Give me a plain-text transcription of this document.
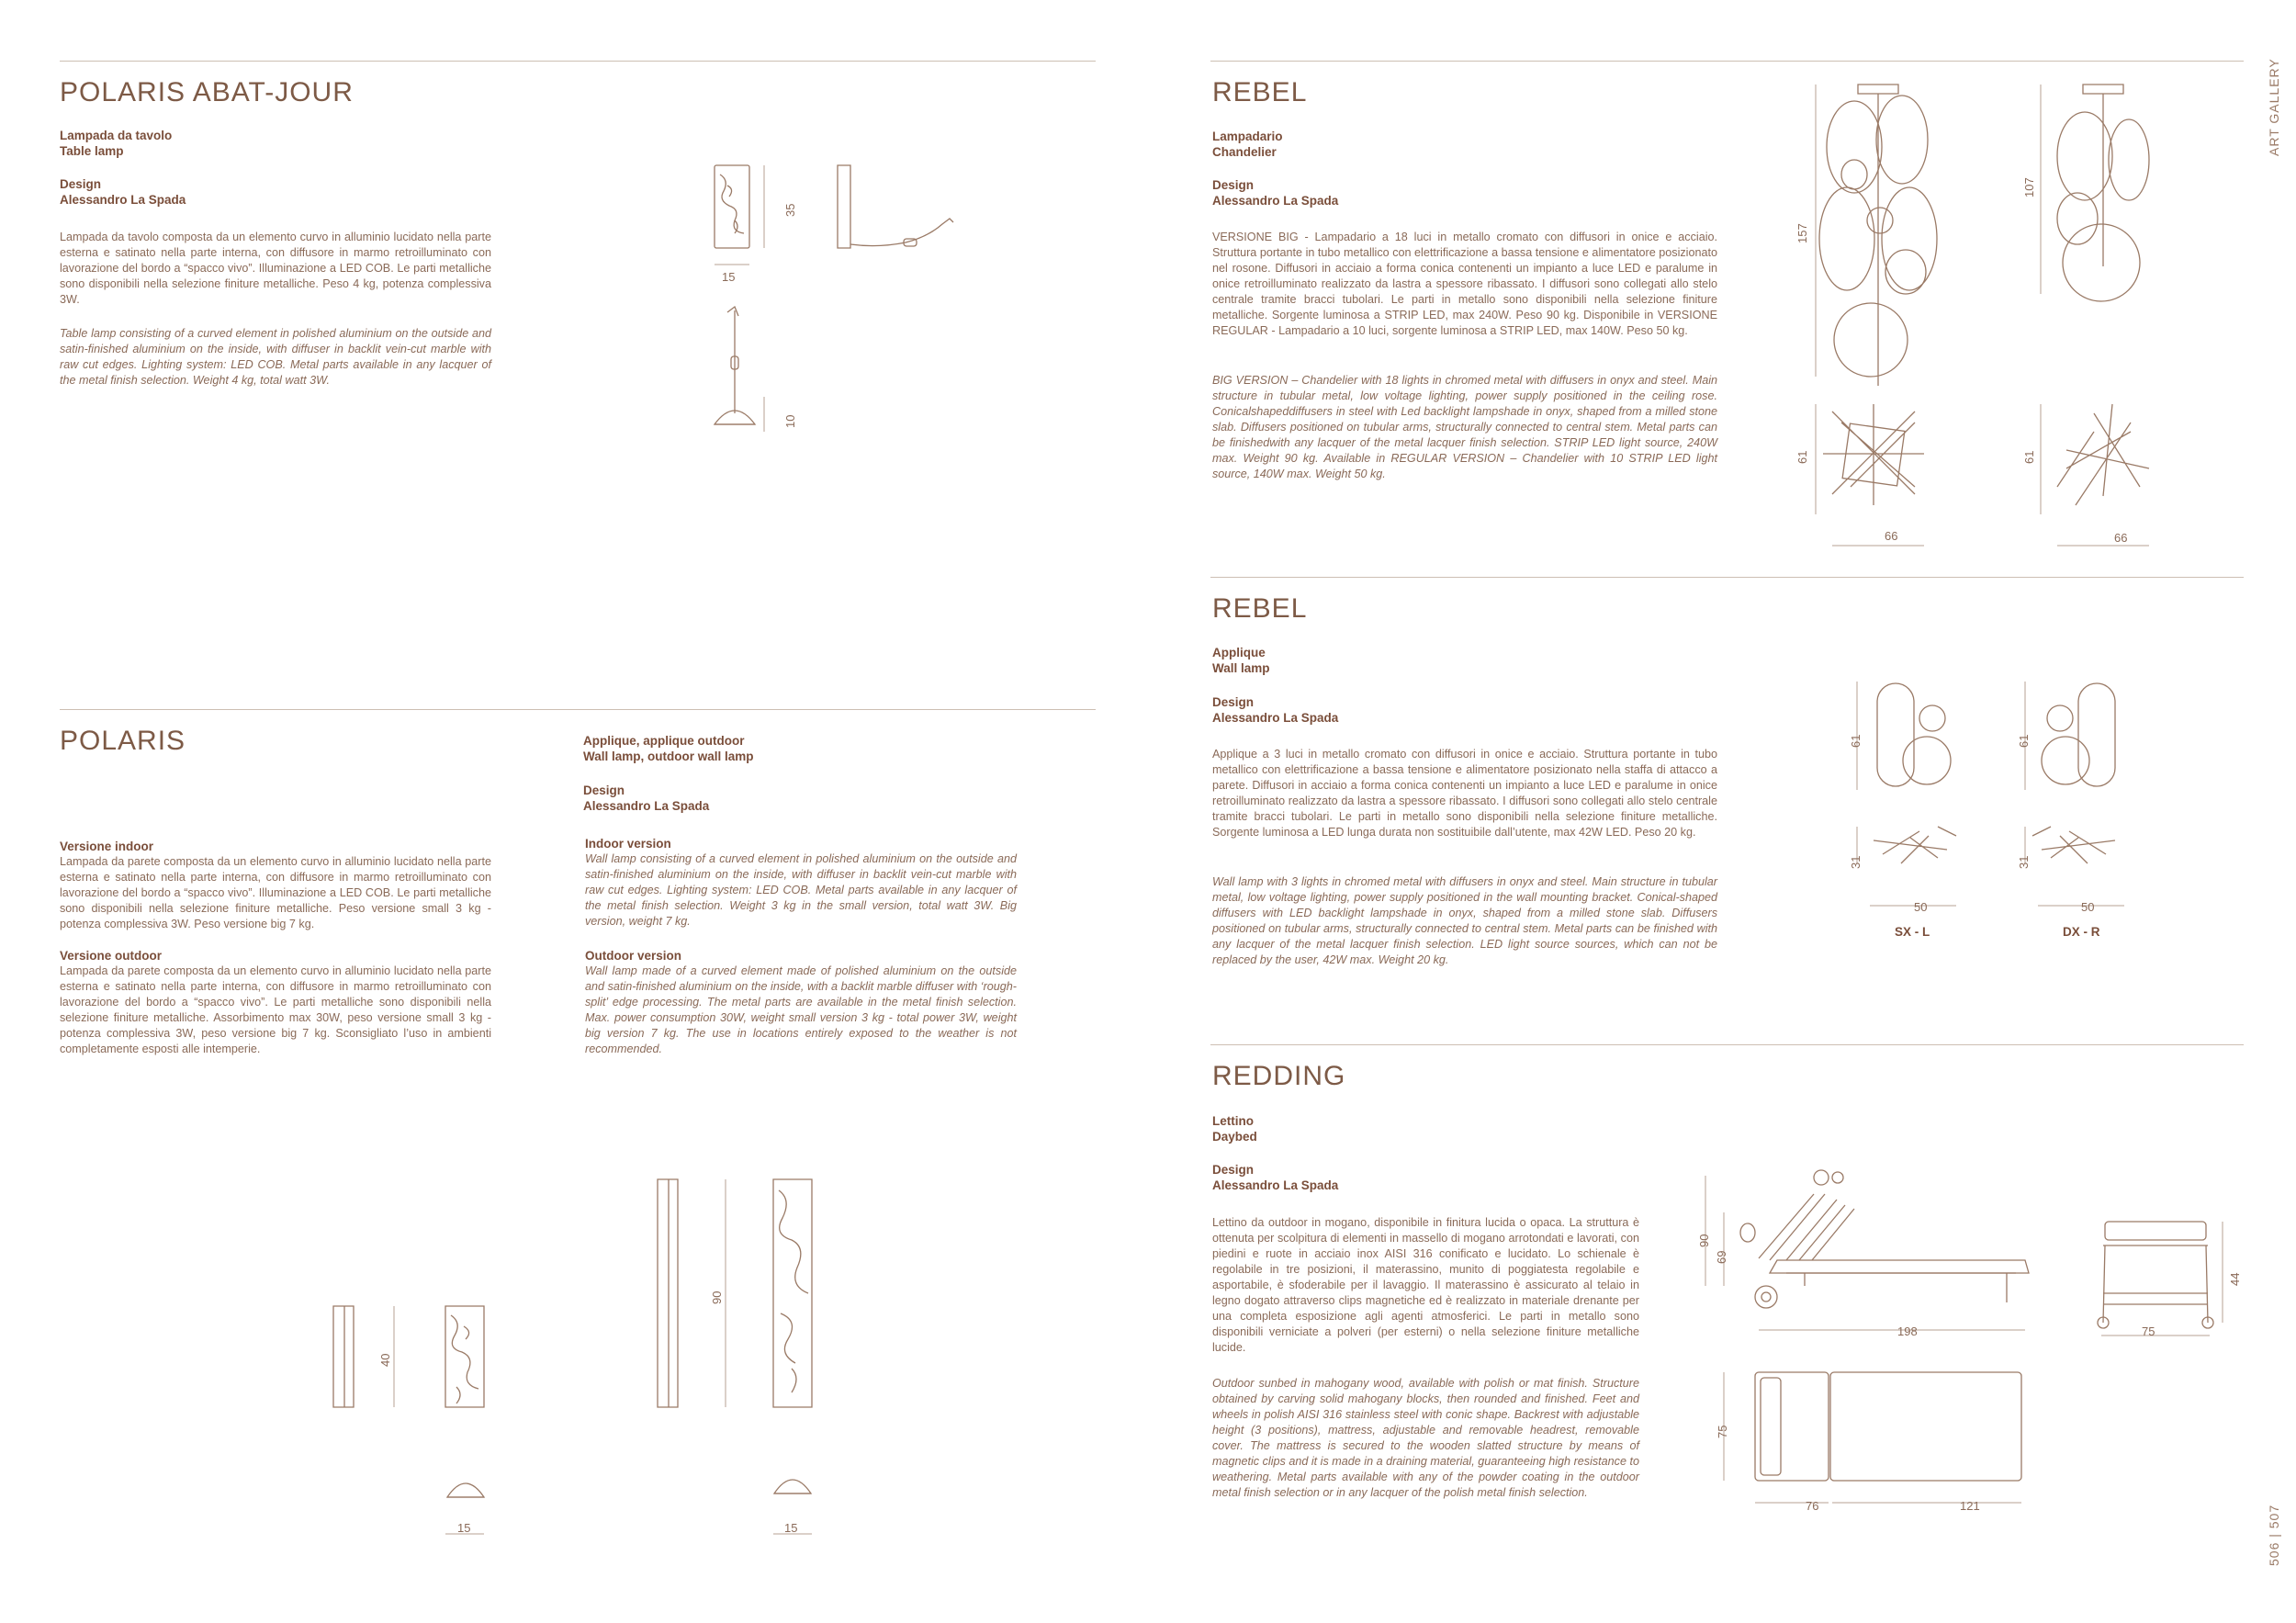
ART GALLERY
506 | 507
POLARIS ABAT-JOUR
Lampada da tavolo
Table lamp
Design
Alessandro La Spada
Lampada da tavolo composta da un elemento curvo in alluminio lucidato nella parte esterna e satinato nella parte interna, con diffusore in marmo retroilluminato con lavorazione del bordo a “spacco vivo”. Illuminazione a LED COB. Le parti metalliche sono disponibili nella selezione finiture metalliche. Peso 4 kg, potenza complessiva 3W.
Table lamp consisting of a curved element in polished aluminium on the outside and satin-finished aluminium on the inside, with diffuser in backlit vein-cut marble with raw cut edges. Lighting system: LED COB. Metal parts available in any lacquer of the metal finish selection. Weight 4 kg, total watt 3W.
15
35
10
POLARIS	Applique, applique outdoor
Wall lamp, outdoor wall lamp
Design
Alessandro La Spada
Versione indoor
Lampada da parete composta da un elemento curvo in alluminio lucidato nella parte esterna e satinato nella parte interna, con diffusore in marmo retroilluminato con lavorazione del bordo a “spacco vivo”. Illuminazione a LED COB. Le parti metalliche sono disponibili nella selezione finiture metalliche. Peso versione small 3 kg - potenza complessiva 3W. Peso versione big 7 kg.
Versione outdoor
Lampada da parete composta da un elemento curvo in alluminio lucidato nella parte esterna e satinato nella parte interna, con diffusore in marmo retroilluminato con lavorazione del bordo a “spacco vivo”. Le parti metalliche sono disponibili nella selezione finiture metalliche. Assorbimento max 30W, peso versione small 3 kg - potenza complessiva 3W, peso versione big 7 kg. Sconsigliato l’uso in ambienti completamente esposti alle intemperie.
Indoor version
Wall lamp consisting of a curved element in polished aluminium on the outside and satin-finished aluminium on the inside, with diffuser in backlit vein-cut marble with raw cut edges. Lighting system: LED COB. Metal parts available in any lacquer of the metal finish selection. Weight 3 kg in the small version, total watt 3W. Big version, weight 7 kg.
Outdoor version
Wall lamp made of a curved element made of polished aluminium on the outside and satin-finished aluminium on the inside, with a backlit marble diffuser with ‘rough-split’ edge processing. The metal parts are available in the metal finish selection. Max. power consumption 30W, weight small version 3 kg - total power 3W, weight big version 7 kg. The use in locations entirely exposed to the weather is not recommended.
40
15
90
15
REBEL
Lampadario
Chandelier
Design
Alessandro La Spada
VERSIONE BIG - Lampadario a 18 luci in metallo cromato con diffusori in onice e acciaio. Struttura portante in tubo metallico con elettrificazione a bassa tensione e alimentatore posizionato nel rosone. Diffusori in acciaio a forma conica contenenti un impianto a luce LED e paralume in onice retroilluminato realizzato da lastra a spessore ribassato. I diffusori sono collegati allo stelo centrale tramite bracci tubolari. Le parti in metallo sono disponibili nella selezione finiture metalliche. Sorgente luminosa a STRIP LED, max 240W. Peso 90 kg. Disponibile in VERSIONE REGULAR - Lampadario a 10 luci, sorgente luminosa a STRIP LED, max 140W. Peso 50 kg.
BIG VERSION – Chandelier with 18 lights in chromed metal with diffusers in onyx and steel. Main structure in tubular metal, low voltage lighting, power supply positioned in the ceiling rose. Conicalshapeddiffusers in steel with Led backlight lampshade in onyx, shaped from a milled stone slab. Diffusers positioned on tubular arms, structurally connected to central stem. Metal parts can be finishedwith any lacquer of the metal lacquer finish selection. STRIP LED light source, 240W max. Weight 90 kg. Available in REGULAR VERSION – Chandelier with 10 STRIP LED light source, 140W max. Weight 50 kg.
157
61
66
107
61
66
REBEL
Applique
Wall lamp
Design
Alessandro La Spada
Applique a 3 luci in metallo cromato con diffusori in onice e acciaio. Struttura portante in tubo metallico con elettrificazione a bassa tensione e alimentatore posizionato nella staffa di attacco a parete. Diffusori in acciaio a forma conica contenenti un impianto a luce LED e paralume in onice retroilluminato realizzato da lastra a spessore ribassato. I diffusori sono collegati allo stelo centrale tramite bracci tubolari. Le parti in metallo sono disponibili nella selezione finiture metalliche. Sorgente luminosa a LED lunga durata non sostituibile dall’utente, max 42W LED. Peso 20 kg.
Wall lamp with 3 lights in chromed metal with diffusers in onyx and steel. Main structure in tubular metal, low voltage lighting, power supply positioned in the wall mounting bracket. Conical-shaped diffusers with LED backlight lampshade in onyx, shaped from a milled stone slab. Diffusers positioned on tubular arms, structurally connected to central stem. Metal parts can be finished with any lacquer of the metal lacquer finish selection. LED light source sources, which can not be replaced by the user, 42W max. Weight 20 kg.
61
31
50
SX - L
61
31
50
DX - R
REDDING
Lettino
Daybed
Design
Alessandro La Spada
Lettino da outdoor in mogano, disponibile in finitura lucida o opaca. La struttura è ottenuta per scolpitura di elementi in massello di mogano arrotondati e lavorati, con piedini e ruote in acciaio inox AISI 316 conificato e lucidato. Lo schienale è regolabile in tre posizioni, il materassino, munito di poggiatesta regolabile e asportabile, è sfoderabile per il lavaggio. Il materassino è assicurato al telaio in legno dogato attraverso clips magnetiche ed è realizzato in materiale drenante per una completa esposizione agli agenti atmosferici. Le parti in metallo sono disponibili verniciate a polveri (per esterni) o nella selezione finiture metalliche lucide.
Outdoor sunbed in mahogany wood, available with polish or mat finish. Structure obtained by carving solid mahogany blocks, then rounded and finished. Feet and wheels in polish AISI 316 stainless steel with conic shape. Backrest with adjustable height (3 positions), mattress, adjustable and removable headrest, removable cover. The mattress is secured to the wooden slatted structure by means of magnetic clips and it is made in a draining material, guaranteeing high resistance to weathering. Metal parts available with any of the powder coating in the outdoor metal finish selection or in any lacquer of the polish metal finish selection.
90
69
198
44
75
75
76	121
